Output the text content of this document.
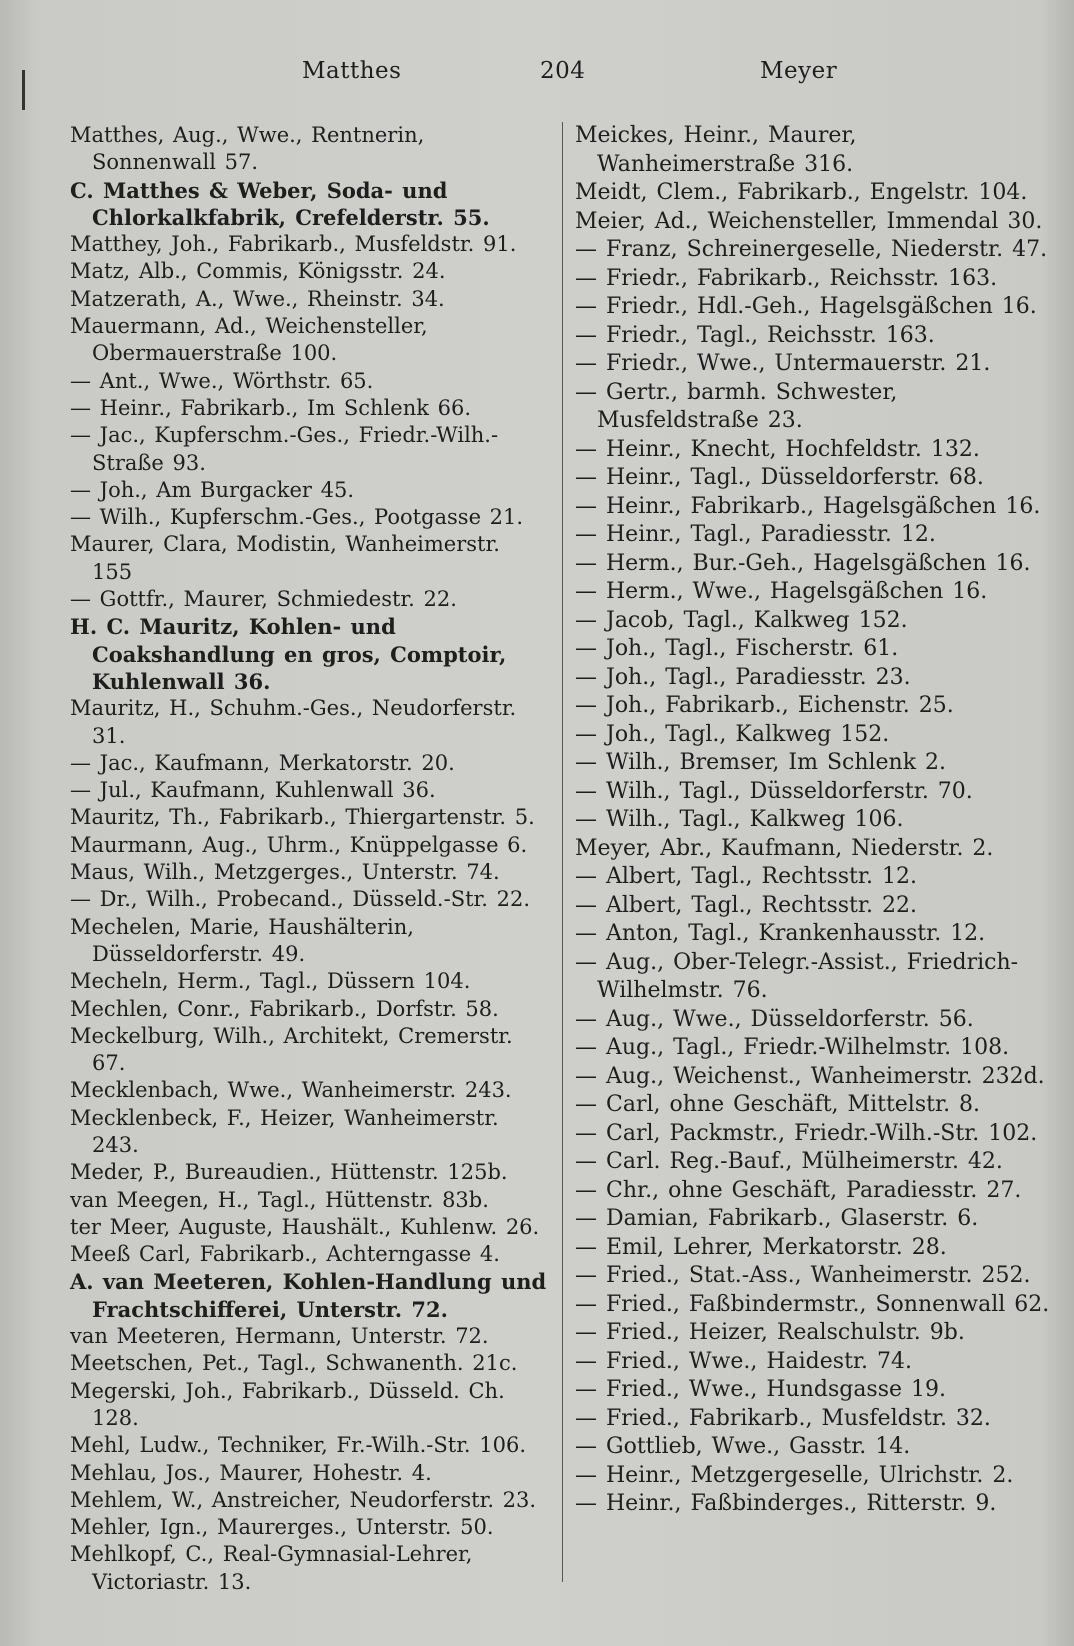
Matthes	204	Meyer
Matthes, Aug., Wwe., Rentnerin, Sonnenwall 57.
C. Matthes & Weber, Soda- und Chlorkalkfabrik, Crefelderstr. 55.
Matthey, Joh., Fabrikarb., Musfeldstr. 91.
Matz, Alb., Commis, Königsstr. 24.
Matzerath, A., Wwe., Rheinstr. 34.
Mauermann, Ad., Weichensteller, Obermauerstraße 100.
— Ant., Wwe., Wörthstr. 65.
— Heinr., Fabrikarb., Im Schlenk 66.
— Jac., Kupferschm.-Ges., Friedr.-Wilh.-Straße 93.
— Joh., Am Burgacker 45.
— Wilh., Kupferschm.-Ges., Pootgasse 21.
Maurer, Clara, Modistin, Wanheimerstr. 155
— Gottfr., Maurer, Schmiedestr. 22.
H. C. Mauritz, Kohlen- und Coakshandlung en gros, Comptoir, Kuhlenwall 36.
Mauritz, H., Schuhm.-Ges., Neudorferstr. 31.
— Jac., Kaufmann, Merkatorstr. 20.
— Jul., Kaufmann, Kuhlenwall 36.
Mauritz, Th., Fabrikarb., Thiergartenstr. 5.
Maurmann, Aug., Uhrm., Knüppelgasse 6.
Maus, Wilh., Metzgerges., Unterstr. 74.
— Dr., Wilh., Probecand., Düsseld.-Str. 22.
Mechelen, Marie, Haushälterin, Düsseldorferstr. 49.
Mecheln, Herm., Tagl., Düssern 104.
Mechlen, Conr., Fabrikarb., Dorfstr. 58.
Meckelburg, Wilh., Architekt, Cremerstr. 67.
Mecklenbach, Wwe., Wanheimerstr. 243.
Mecklenbeck, F., Heizer, Wanheimerstr. 243.
Meder, P., Bureaudien., Hüttenstr. 125b.
van Meegen, H., Tagl., Hüttenstr. 83b.
ter Meer, Auguste, Haushält., Kuhlenw. 26.
Meeß Carl, Fabrikarb., Achterngasse 4.
A. van Meeteren, Kohlen-Handlung und Frachtschifferei, Unterstr. 72.
van Meeteren, Hermann, Unterstr. 72.
Meetschen, Pet., Tagl., Schwanenth. 21c.
Megerski, Joh., Fabrikarb., Düsseld. Ch. 128.
Mehl, Ludw., Techniker, Fr.-Wilh.-Str. 106.
Mehlau, Jos., Maurer, Hohestr. 4.
Mehlem, W., Anstreicher, Neudorferstr. 23.
Mehler, Ign., Maurerges., Unterstr. 50.
Mehlkopf, C., Real-Gymnasial-Lehrer, Victoriastr. 13.
Meickes, Heinr., Maurer, Wanheimerstraße 316.
Meidt, Clem., Fabrikarb., Engelstr. 104.
Meier, Ad., Weichensteller, Immendal 30.
— Franz, Schreinergeselle, Niederstr. 47.
— Friedr., Fabrikarb., Reichsstr. 163.
— Friedr., Hdl.-Geh., Hagelsgäßchen 16.
— Friedr., Tagl., Reichsstr. 163.
— Friedr., Wwe., Untermauerstr. 21.
— Gertr., barmh. Schwester, Musfeldstraße 23.
— Heinr., Knecht, Hochfeldstr. 132.
— Heinr., Tagl., Düsseldorferstr. 68.
— Heinr., Fabrikarb., Hagelsgäßchen 16.
— Heinr., Tagl., Paradiesstr. 12.
— Herm., Bur.-Geh., Hagelsgäßchen 16.
— Herm., Wwe., Hagelsgäßchen 16.
— Jacob, Tagl., Kalkweg 152.
— Joh., Tagl., Fischerstr. 61.
— Joh., Tagl., Paradiesstr. 23.
— Joh., Fabrikarb., Eichenstr. 25.
— Joh., Tagl., Kalkweg 152.
— Wilh., Bremser, Im Schlenk 2.
— Wilh., Tagl., Düsseldorferstr. 70.
— Wilh., Tagl., Kalkweg 106.
Meyer, Abr., Kaufmann, Niederstr. 2.
— Albert, Tagl., Rechtsstr. 12.
— Albert, Tagl., Rechtsstr. 22.
— Anton, Tagl., Krankenhausstr. 12.
— Aug., Ober-Telegr.-Assist., Friedrich-Wilhelmstr. 76.
— Aug., Wwe., Düsseldorferstr. 56.
— Aug., Tagl., Friedr.-Wilhelmstr. 108.
— Aug., Weichenst., Wanheimerstr. 232d.
— Carl, ohne Geschäft, Mittelstr. 8.
— Carl, Packmstr., Friedr.-Wilh.-Str. 102.
— Carl. Reg.-Bauf., Mülheimerstr. 42.
— Chr., ohne Geschäft, Paradiesstr. 27.
— Damian, Fabrikarb., Glaserstr. 6.
— Emil, Lehrer, Merkatorstr. 28.
— Fried., Stat.-Ass., Wanheimerstr. 252.
— Fried., Faßbindermstr., Sonnenwall 62.
— Fried., Heizer, Realschulstr. 9b.
— Fried., Wwe., Haidestr. 74.
— Fried., Wwe., Hundsgasse 19.
— Fried., Fabrikarb., Musfeldstr. 32.
— Gottlieb, Wwe., Gasstr. 14.
— Heinr., Metzgergeselle, Ulrichstr. 2.
— Heinr., Faßbinderges., Ritterstr. 9.
